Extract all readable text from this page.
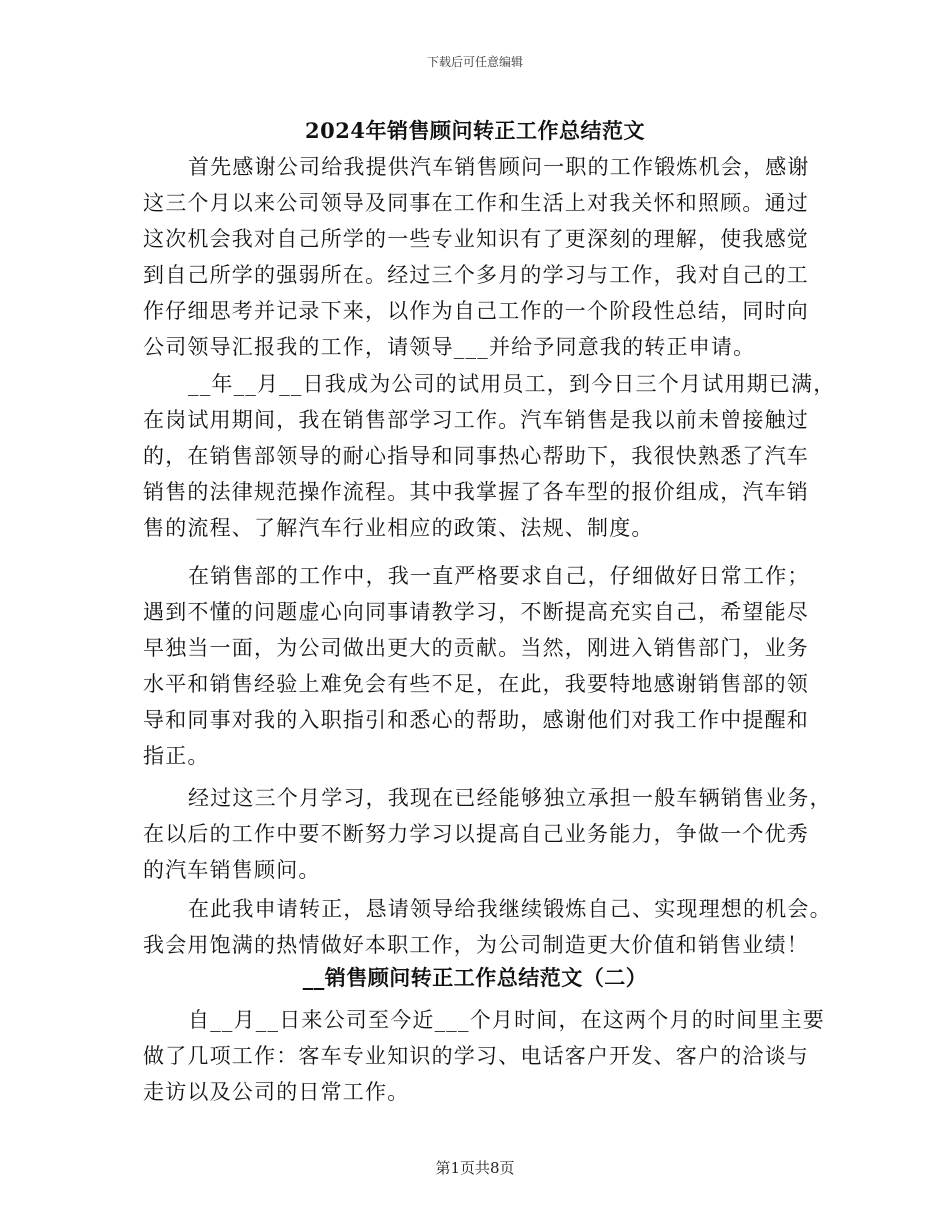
下载后可任意编辑
2024年销售顾问转正工作总结范文
首先感谢公司给我提供汽车销售顾问一职的工作锻炼机会，感谢
这三个月以来公司领导及同事在工作和生活上对我关怀和照顾。通过
这次机会我对自己所学的一些专业知识有了更深刻的理解，使我感觉
到自己所学的强弱所在。经过三个多月的学习与工作，我对自己的工
作仔细思考并记录下来，以作为自己工作的一个阶段性总结，同时向
公司领导汇报我的工作，请领导___并给予同意我的转正申请。
__年__月__日我成为公司的试用员工，到今日三个月试用期已满，
在岗试用期间，我在销售部学习工作。汽车销售是我以前未曾接触过
的，在销售部领导的耐心指导和同事热心帮助下，我很快熟悉了汽车
销售的法律规范操作流程。其中我掌握了各车型的报价组成，汽车销
售的流程、了解汽车行业相应的政策、法规、制度。
在销售部的工作中，我一直严格要求自己，仔细做好日常工作；
遇到不懂的问题虚心向同事请教学习，不断提高充实自己，希望能尽
早独当一面，为公司做出更大的贡献。当然，刚进入销售部门，业务
水平和销售经验上难免会有些不足，在此，我要特地感谢销售部的领
导和同事对我的入职指引和悉心的帮助，感谢他们对我工作中提醒和
指正。
经过这三个月学习，我现在已经能够独立承担一般车辆销售业务，
在以后的工作中要不断努力学习以提高自己业务能力，争做一个优秀
的汽车销售顾问。
在此我申请转正，恳请领导给我继续锻炼自己、实现理想的机会。
我会用饱满的热情做好本职工作，为公司制造更大价值和销售业绩！
__销售顾问转正工作总结范文（二）
自__月__日来公司至今近___个月时间，在这两个月的时间里主要
做了几项工作：客车专业知识的学习、电话客户开发、客户的洽谈与
走访以及公司的日常工作。
第1页共8页
